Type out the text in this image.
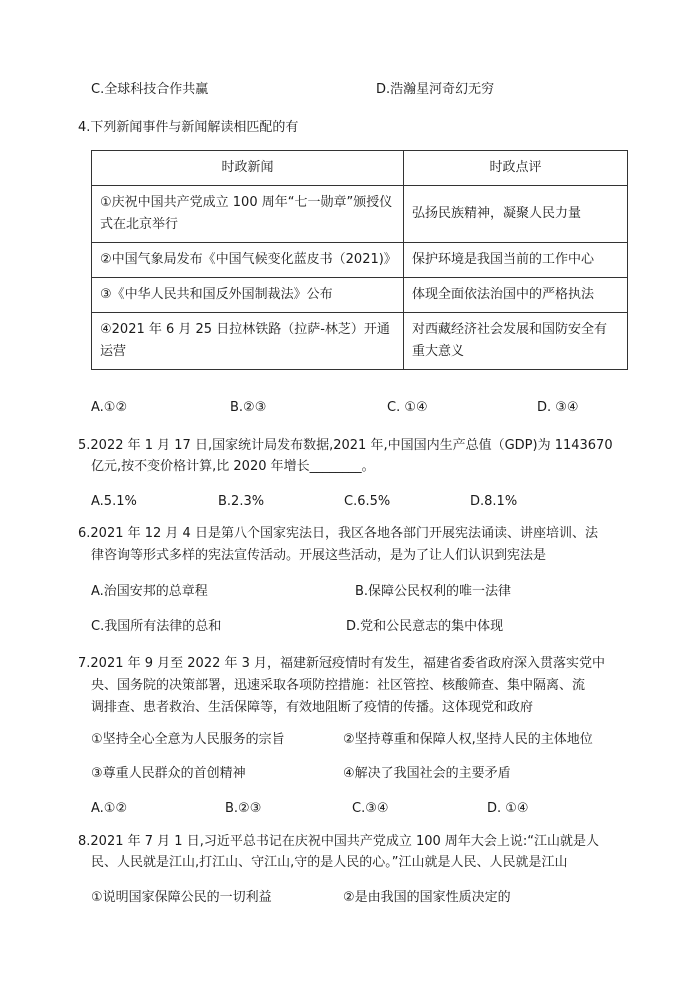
C.全球科技合作共赢	D.浩瀚星河奇幻无穷
4.下列新闻事件与新闻解读相匹配的有
时政新闻	时政点评
①庆祝中国共产党成立 100 周年“七一勋章”颁授仪式在北京举行	弘扬民族精神，凝聚人民力量
②中国气象局发布《中国气候变化蓝皮书（2021)》	保护环境是我国当前的工作中心
③《中华人民共和国反外国制裁法》公布	体现全面依法治国中的严格执法
④2021 年 6 月 25 日拉林铁路（拉萨-林芝）开通运营	对西藏经济社会发展和国防安全有重大意义
A.①②	B.②③	C. ①④	D. ③④
5.2022 年 1 月 17 日,国家统计局发布数据,2021 年,中国国内生产总值（GDP)为 1143670
亿元,按不变价格计算,比 2020 年增长________。
A.5.1%	B.2.3%	C.6.5%	D.8.1%
6.2021 年 12 月 4 日是第八个国家宪法日，我区各地各部门开展宪法诵读、讲座培训、法
律咨询等形式多样的宪法宣传活动。开展这些活动，是为了让人们认识到宪法是
A.治国安邦的总章程	B.保障公民权利的唯一法律
C.我国所有法律的总和	D.党和公民意志的集中体现
7.2021 年 9 月至 2022 年 3 月，福建新冠疫情时有发生，福建省委省政府深入贯落实党中
央、国务院的决策部署，迅速采取各项防控措施：社区管控、核酸筛查、集中隔离、流
调排查、患者救治、生活保障等，有效地阻断了疫情的传播。这体现党和政府
①坚持全心全意为人民服务的宗旨	②坚持尊重和保障人权,坚持人民的主体地位
③尊重人民群众的首创精神	④解决了我国社会的主要矛盾
A.①②	B.②③	C.③④	D. ①④
8.2021 年 7 月 1 日,习近平总书记在庆祝中国共产党成立 100 周年大会上说:“江山就是人
民、人民就是江山,打江山、守江山,守的是人民的心。”江山就是人民、人民就是江山
①说明国家保障公民的一切利益	②是由我国的国家性质决定的
